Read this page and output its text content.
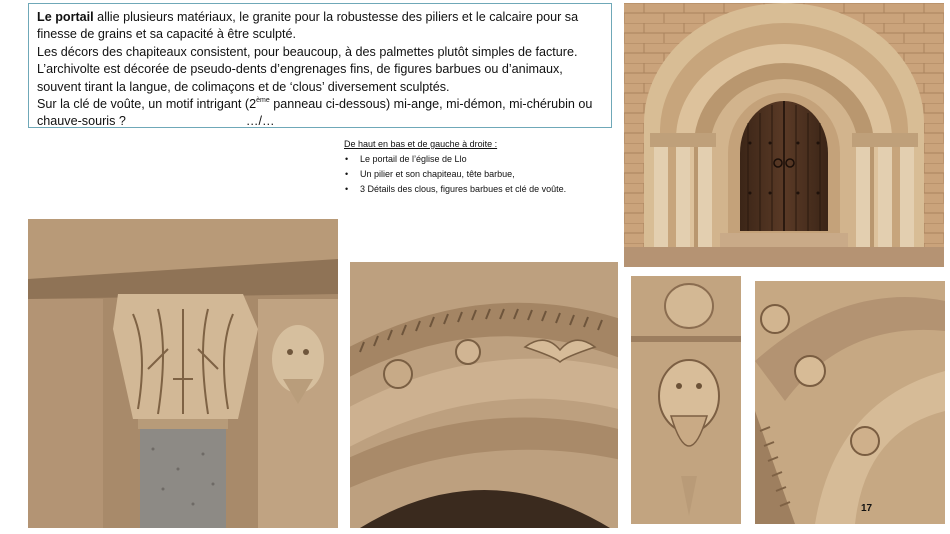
Le portail allie plusieurs matériaux, le granite pour la robustesse des piliers et le calcaire pour sa finesse de grains et sa capacité à être sculpté.

Les décors des chapiteaux consistent, pour beaucoup, à des palmettes plutôt simples de facture.

L’archivolte est décorée de pseudo-dents d’engrenages fins, de figures barbues ou d’animaux, souvent tirant la langue, de colimaçons et de ‘clous’ diversement sculptés.

Sur la clé de voûte, un motif intrigant (2ème panneau ci-dessous) mi-ange, mi-démon, mi-chérubin ou chauve-souris ?	…/…

De haut en bas et de gauche à droite :
• Le portail de l’église de Llo
• Un pilier et son chapiteau, tête barbue,
• 3 Détails des clous, figures barbues et clé de voûte.
17
